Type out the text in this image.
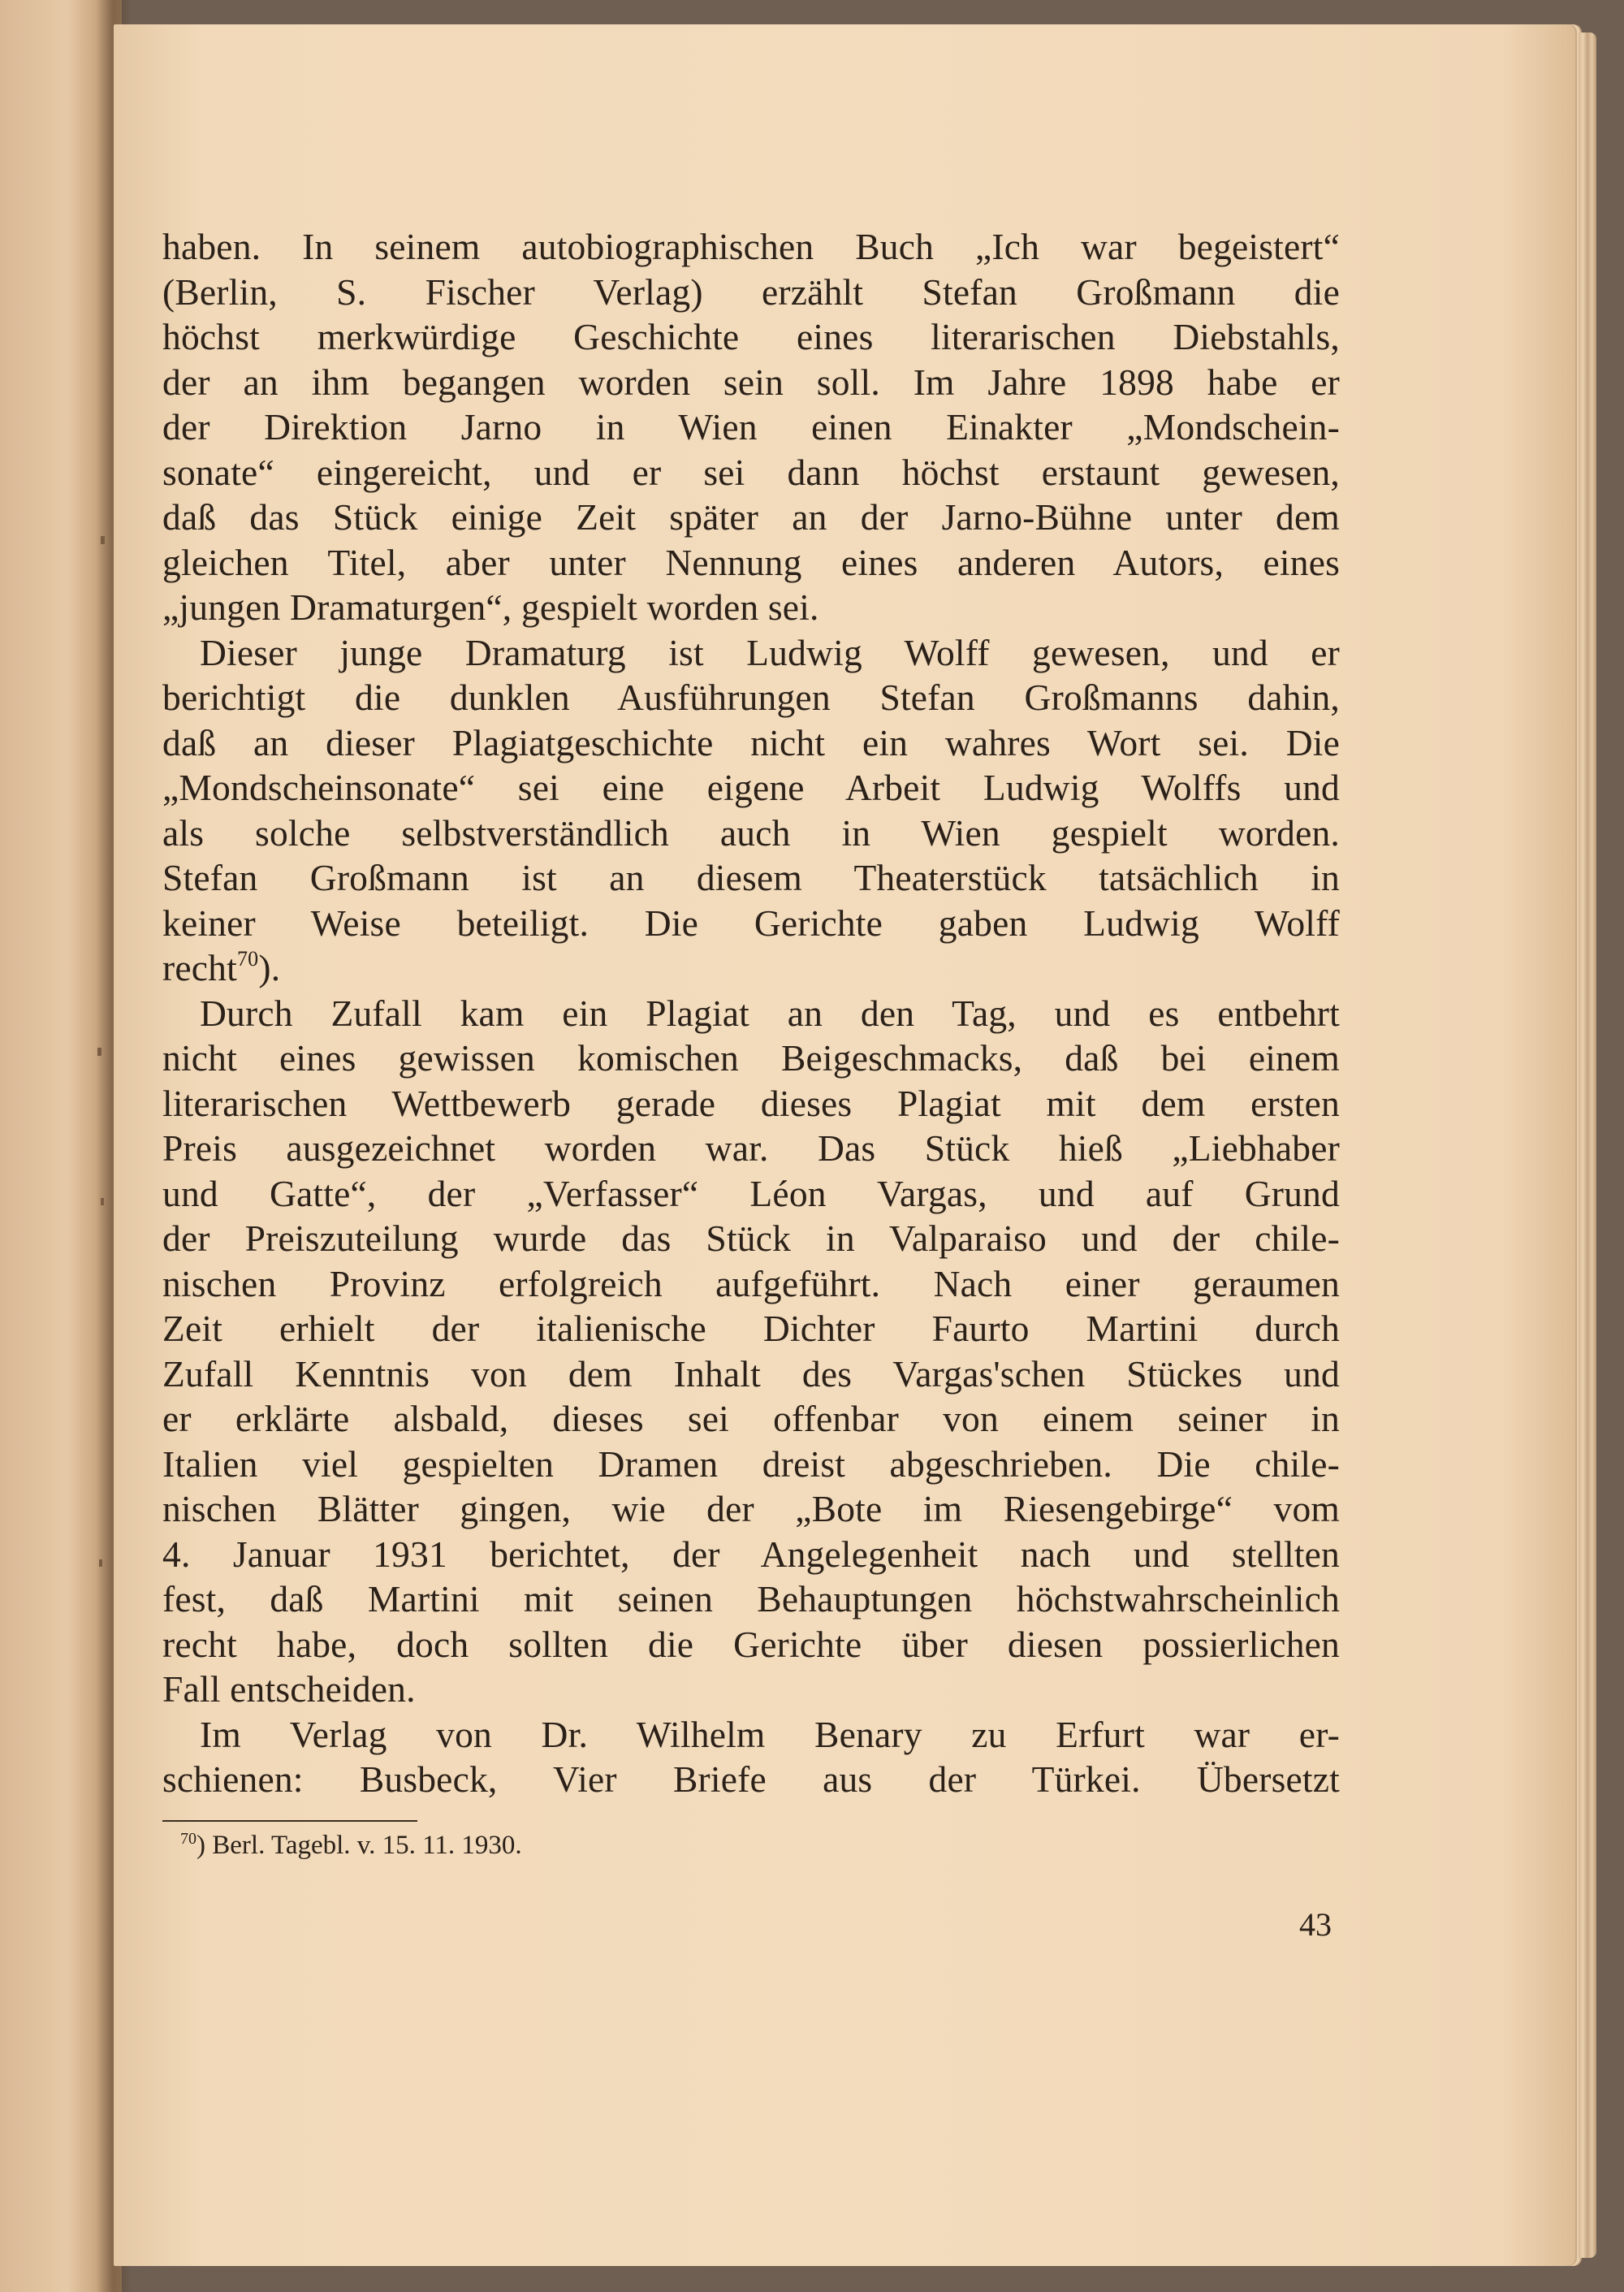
haben. In seinem autobiographischen Buch „Ich war begeistert“
(Berlin, S. Fischer Verlag) erzählt Stefan Großmann die
höchst merkwürdige Geschichte eines literarischen Diebstahls,
der an ihm begangen worden sein soll. Im Jahre 1898 habe er
der Direktion Jarno in Wien einen Einakter „Mondschein-
sonate“ eingereicht, und er sei dann höchst erstaunt gewesen,
daß das Stück einige Zeit später an der Jarno-Bühne unter dem
gleichen Titel, aber unter Nennung eines anderen Autors, eines
„jungen Dramaturgen“, gespielt worden sei.
Dieser junge Dramaturg ist Ludwig Wolff gewesen, und er
berichtigt die dunklen Ausführungen Stefan Großmanns dahin,
daß an dieser Plagiatgeschichte nicht ein wahres Wort sei. Die
„Mondscheinsonate“ sei eine eigene Arbeit Ludwig Wolffs und
als solche selbstverständlich auch in Wien gespielt worden.
Stefan Großmann ist an diesem Theaterstück tatsächlich in
keiner Weise beteiligt. Die Gerichte gaben Ludwig Wolff
recht$^{70}$).
Durch Zufall kam ein Plagiat an den Tag, und es entbehrt
nicht eines gewissen komischen Beigeschmacks, daß bei einem
literarischen Wettbewerb gerade dieses Plagiat mit dem ersten
Preis ausgezeichnet worden war. Das Stück hieß „Liebhaber
und Gatte“, der „Verfasser“ Léon Vargas, und auf Grund
der Preiszuteilung wurde das Stück in Valparaiso und der chile-
nischen Provinz erfolgreich aufgeführt. Nach einer geraumen
Zeit erhielt der italienische Dichter Faurto Martini durch
Zufall Kenntnis von dem Inhalt des Vargas'schen Stückes und
er erklärte alsbald, dieses sei offenbar von einem seiner in
Italien viel gespielten Dramen dreist abgeschrieben. Die chile-
nischen Blätter gingen, wie der „Bote im Riesengebirge“ vom
4. Januar 1931 berichtet, der Angelegenheit nach und stellten
fest, daß Martini mit seinen Behauptungen höchstwahrscheinlich
recht habe, doch sollten die Gerichte über diesen possierlichen
Fall entscheiden.
Im Verlag von Dr. Wilhelm Benary zu Erfurt war er-
schienen: Busbeck, Vier Briefe aus der Türkei. Übersetzt
$^{70}$) Berl. Tagebl. v. 15. 11. 1930.
43
